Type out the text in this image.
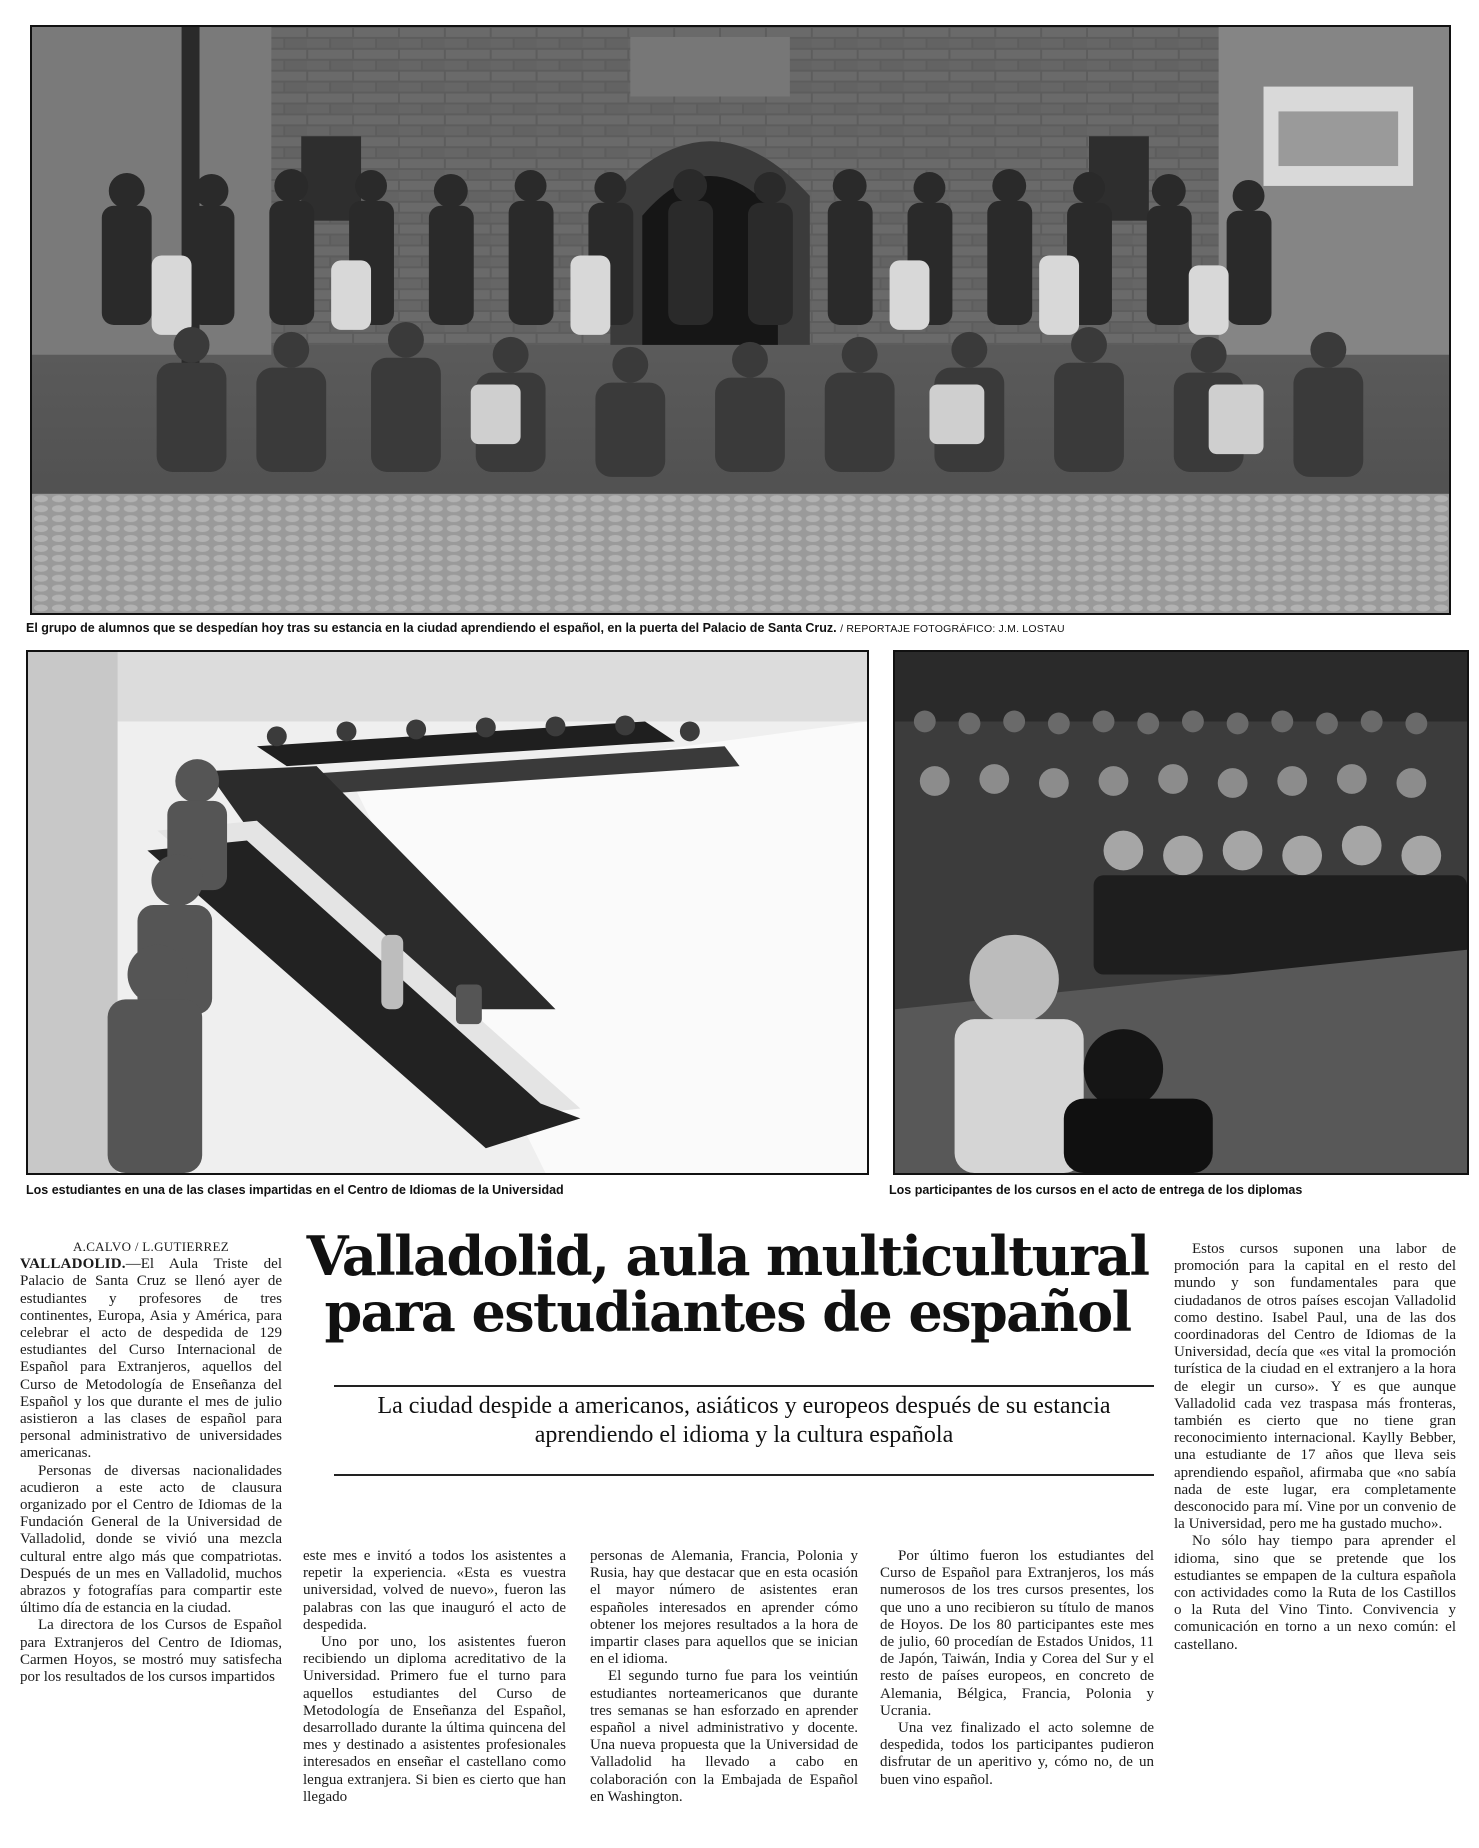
El grupo de alumnos que se despedían hoy tras su estancia en la ciudad aprendiendo el español, en la puerta del Palacio de Santa Cruz. / REPORTAJE FOTOGRÁFICO: J.M. LOSTAU
Los estudiantes en una de las clases impartidas en el Centro de Idiomas de la Universidad	Los participantes de los cursos en el acto de entrega de los diplomas
Valladolid, aula multicultural para estudiantes de español
La ciudad despide a americanos, asiáticos y europeos después de su estancia aprendiendo el idioma y la cultura española
A.CALVO / L.GUTIERREZ

VALLADOLID.—El Aula Triste del Palacio de Santa Cruz se llenó ayer de estudiantes y profesores de tres continentes, Europa, Asia y América, para celebrar el acto de despedida de 129 estudiantes del Curso Internacional de Español para Extranjeros, aquellos del Curso de Metodología de Enseñanza del Español y los que durante el mes de julio asistieron a las clases de español para personal administrativo de universidades americanas.

Personas de diversas nacionalidades acudieron a este acto de clausura organizado por el Centro de Idiomas de la Fundación General de la Universidad de Valladolid, donde se vivió una mezcla cultural entre algo más que compatriotas. Después de un mes en Valladolid, muchos abrazos y fotografías para compartir este último día de estancia en la ciudad.

La directora de los Cursos de Español para Extranjeros del Centro de Idiomas, Carmen Hoyos, se mostró muy satisfecha por los resultados de los cursos impartidos

este mes e invitó a todos los asistentes a repetir la experiencia. «Esta es vuestra universidad, volved de nuevo», fueron las palabras con las que inauguró el acto de despedida.

Uno por uno, los asistentes fueron recibiendo un diploma acreditativo de la Universidad. Primero fue el turno para aquellos estudiantes del Curso de Metodología de Enseñanza del Español, desarrollado durante la última quincena del mes y destinado a asistentes profesionales interesados en enseñar el castellano como lengua extranjera. Si bien es cierto que han llegado

personas de Alemania, Francia, Polonia y Rusia, hay que destacar que en esta ocasión el mayor número de asistentes eran españoles interesados en aprender cómo obtener los mejores resultados a la hora de impartir clases para aquellos que se inician en el idioma.

El segundo turno fue para los veintiún estudiantes norteamericanos que durante tres semanas se han esforzado en aprender español a nivel administrativo y docente. Una nueva propuesta que la Universidad de Valladolid ha llevado a cabo en colaboración con la Embajada de Español en Washington.

Por último fueron los estudiantes del Curso de Español para Extranjeros, los más numerosos de los tres cursos presentes, los que uno a uno recibieron su título de manos de Hoyos. De los 80 participantes este mes de julio, 60 procedían de Estados Unidos, 11 de Japón, Taiwán, India y Corea del Sur y el resto de países europeos, en concreto de Alemania, Bélgica, Francia, Polonia y Ucrania.

Una vez finalizado el acto solemne de despedida, todos los participantes pudieron disfrutar de un aperitivo y, cómo no, de un buen vino español.

Estos cursos suponen una labor de promoción para la capital en el resto del mundo y son fundamentales para que ciudadanos de otros países escojan Valladolid como destino. Isabel Paul, una de las dos coordinadoras del Centro de Idiomas de la Universidad, decía que «es vital la promoción turística de la ciudad en el extranjero a la hora de elegir un curso». Y es que aunque Valladolid cada vez traspasa más fronteras, también es cierto que no tiene gran reconocimiento internacional. Kaylly Bebber, una estudiante de 17 años que lleva seis aprendiendo español, afirmaba que «no sabía nada de este lugar, era completamente desconocido para mí. Vine por un convenio de la Universidad, pero me ha gustado mucho».

No sólo hay tiempo para aprender el idioma, sino que se pretende que los estudiantes se empapen de la cultura española con actividades como la Ruta de los Castillos o la Ruta del Vino Tinto. Convivencia y comunicación en torno a un nexo común: el castellano.
